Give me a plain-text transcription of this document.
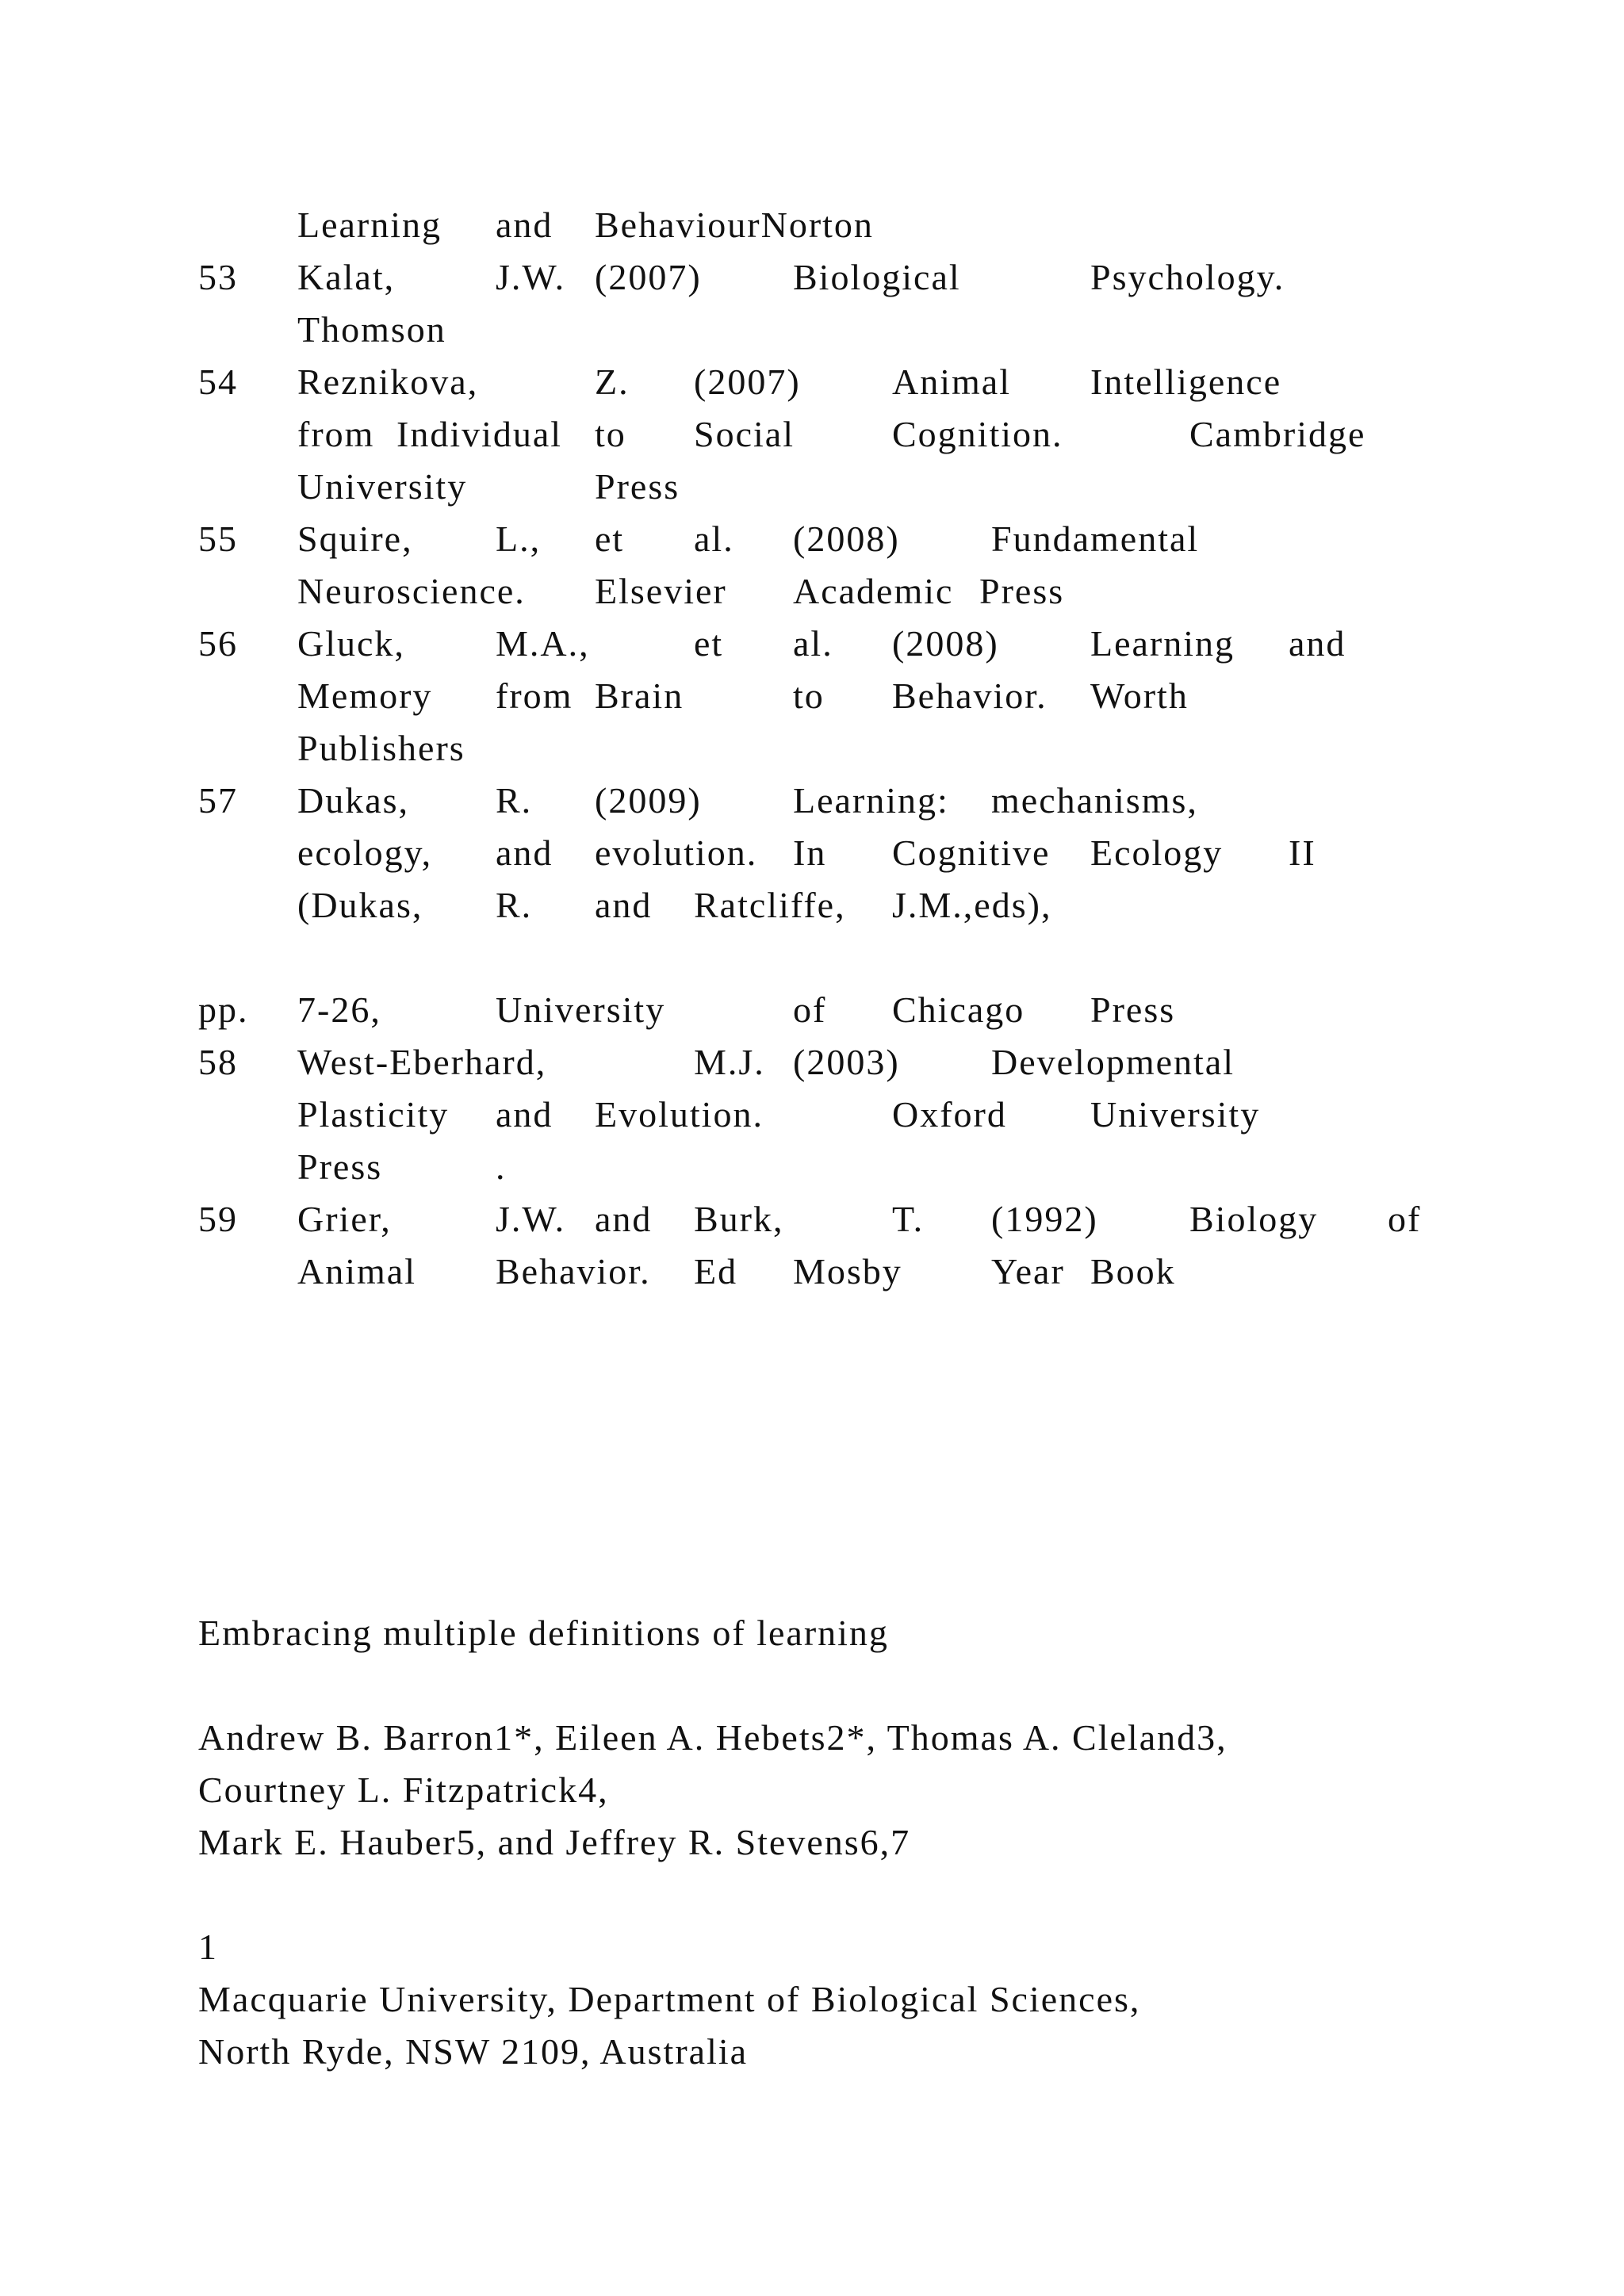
Learning and BehaviourNorton
53 Kalat,	J.W. (2007)	Biological	Psychology.
Thomson
54 Reznikova,	Z. (2007)	Animal Intelligence
from Individual to Social	Cognition.	Cambridge
University	Press
55 Squire, L., et al. (2008)	Fundamental
Neuroscience. Elsevier Academic Press
56 Gluck, M.A.,	et al. (2008)	Learning and
Memory from Brain	to Behavior. Worth
Publishers
57 Dukas, R. (2009)	Learning: mechanisms,
ecology, and evolution. In Cognitive Ecology II
(Dukas, R. and Ratcliffe, J.M.,eds),
pp. 7-26,	University	of Chicago Press
58 West-Eberhard,	M.J. (2003)	Developmental
Plasticity and Evolution.	Oxford University
Press	.
59 Grier,	J.W. and Burk,	T. (1992)	Biology of
Animal Behavior. Ed Mosby Year Book
Embracing multiple definitions of learning
Andrew B. Barron1*, Eileen A. Hebets2*, Thomas A. Cleland3,
Courtney L. Fitzpatrick4,
Mark E. Hauber5, and Jeffrey R. Stevens6,7
1
Macquarie University, Department of Biological Sciences,
North Ryde, NSW 2109, Australia
